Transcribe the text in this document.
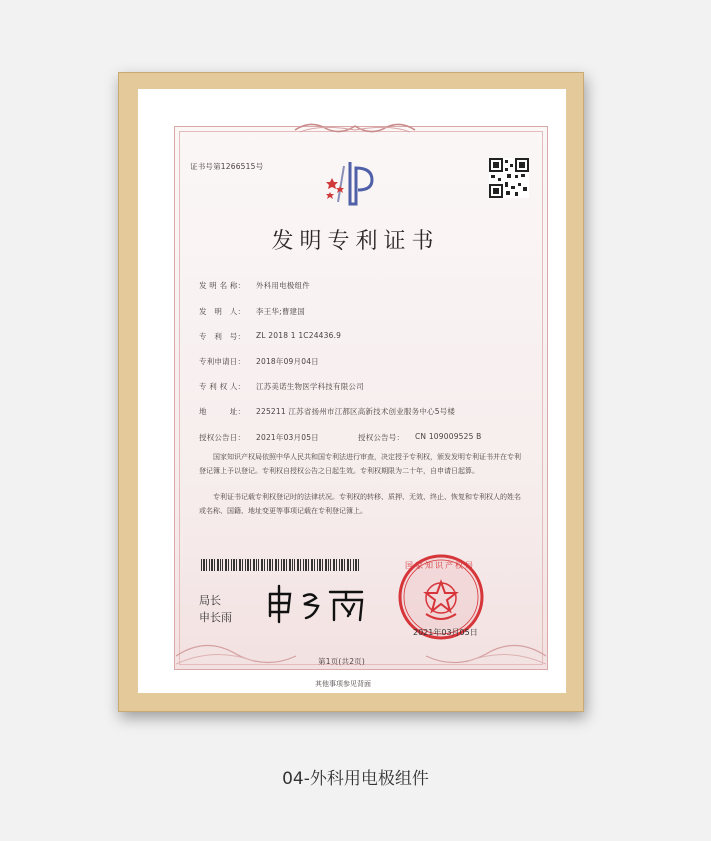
证书号第1266515号
发明专利证书
发 明 名 称： 外科用电极组件
发　明　人： 李王华;曹建国
专　利　号： ZL 2018 1 1C24436.9
专利申请日： 2018年09月04日
专 利 权 人： 江苏美诺生物医学科技有限公司
地　　　址： 225211 江苏省扬州市江都区高新技术创业服务中心5号楼
授权公告日： 2021年03月05日	授权公告号： CN 109009525 B
国家知识产权局依照中华人民共和国专利法进行审查，决定授予专利权，颁发发明专利证书并在专利登记簿上予以登记。专利权自授权公告之日起生效。专利权期限为二十年，自申请日起算。
专利证书记载专利权登记时的法律状况。专利权的转移、质押、无效、终止、恢复和专利权人的姓名或名称、国籍、地址变更等事项记载在专利登记簿上。
局长
申长雨
国家知识产权局
2021年03月05日
第1页(共2页)
其他事项参见背面
04-外科用电极组件
